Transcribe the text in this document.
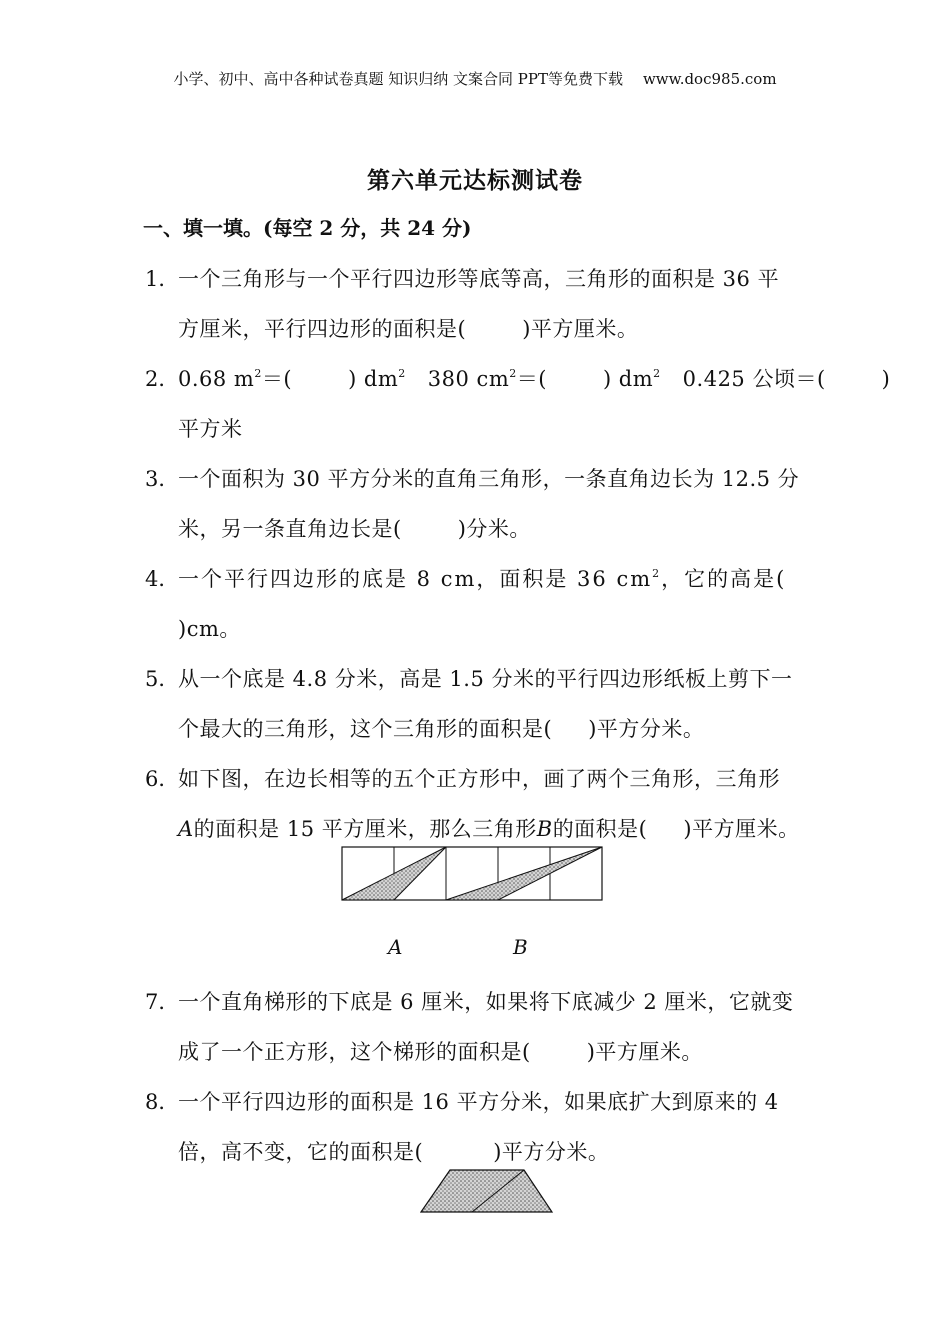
小学、初中、高中各种试卷真题 知识归纳 文案合同 PPT等免费下载 www.doc985.com
第六单元达标测试卷
一、填一填。(每空 2 分，共 24 分)
1．
一个三角形与一个平行四边形等底等高，三角形的面积是 36 平
方厘米，平行四边形的面积是(	)平方厘米。
2．
0.68 $m^2=$(	) $dm^2$ 380 $cm^2=$(	) $dm^2$ 0.425 公顷＝(	)
平方米
3．
一个面积为 30 平方分米的直角三角形，一条直角边长为 12.5 分
米，另一条直角边长是(	)分米。
4．
一个平行四边形的底是 8 cm，面积是 36 $cm^2$，它的高是(
)cm。
5．
从一个底是 4.8 分米，高是 1.5 分米的平行四边形纸板上剪下一
个最大的三角形，这个三角形的面积是( )平方分米。
6．
如下图，在边长相等的五个正方形中，画了两个三角形，三角形
A的面积是 15 平方厘米，那么三角形B的面积是( )平方厘米。
A	B
7．
一个直角梯形的下底是 6 厘米，如果将下底减少 2 厘米，它就变
成了一个正方形，这个梯形的面积是(	)平方厘米。
8．
一个平行四边形的面积是 16 平方分米，如果底扩大到原来的 4
倍，高不变，它的面积是(	)平方分米。
